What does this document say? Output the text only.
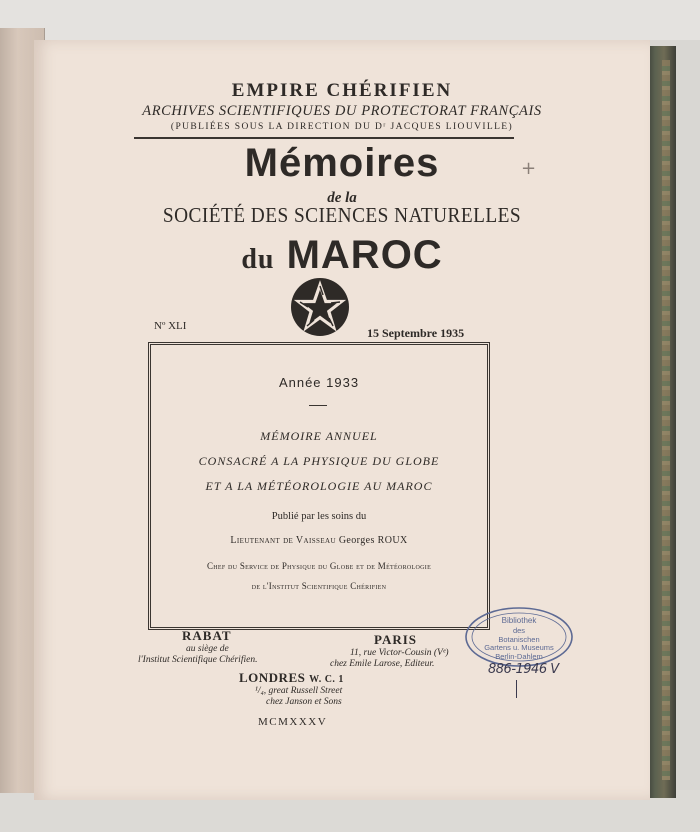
EMPIRE CHÉRIFIEN
ARCHIVES SCIENTIFIQUES DU PROTECTORAT FRANÇAIS
(PUBLIÉES SOUS LA DIRECTION DU Dʳ JACQUES LIOUVILLE)
Mémoires
de la
SOCIÉTÉ DES SCIENCES NATURELLES
du MAROC
+
Nº XLI	15 Septembre 1935
Année 1933
MÉMOIRE ANNUEL
CONSACRÉ A LA PHYSIQUE DU GLOBE
ET A LA MÉTÉOROLOGIE AU MAROC
Publié par les soins du
Lieutenant de Vaisseau Georges ROUX
Chef du Service de Physique du Globe et de Météorologie
de l'Institut Scientifique Chérifien
RABAT
au siège de
l'Institut Scientifique Chérifien.
PARIS
11, rue Victor-Cousin (Vᵉ)
chez Emile Larose, Editeur.
LONDRES W. C. 1
¹/₄, great Russell Street
chez Janson et Sons
MCMXXXV
Bibliothek
des
Botanischen
Gartens u. Museums
Berlin-Dahlem
886-1946 V
